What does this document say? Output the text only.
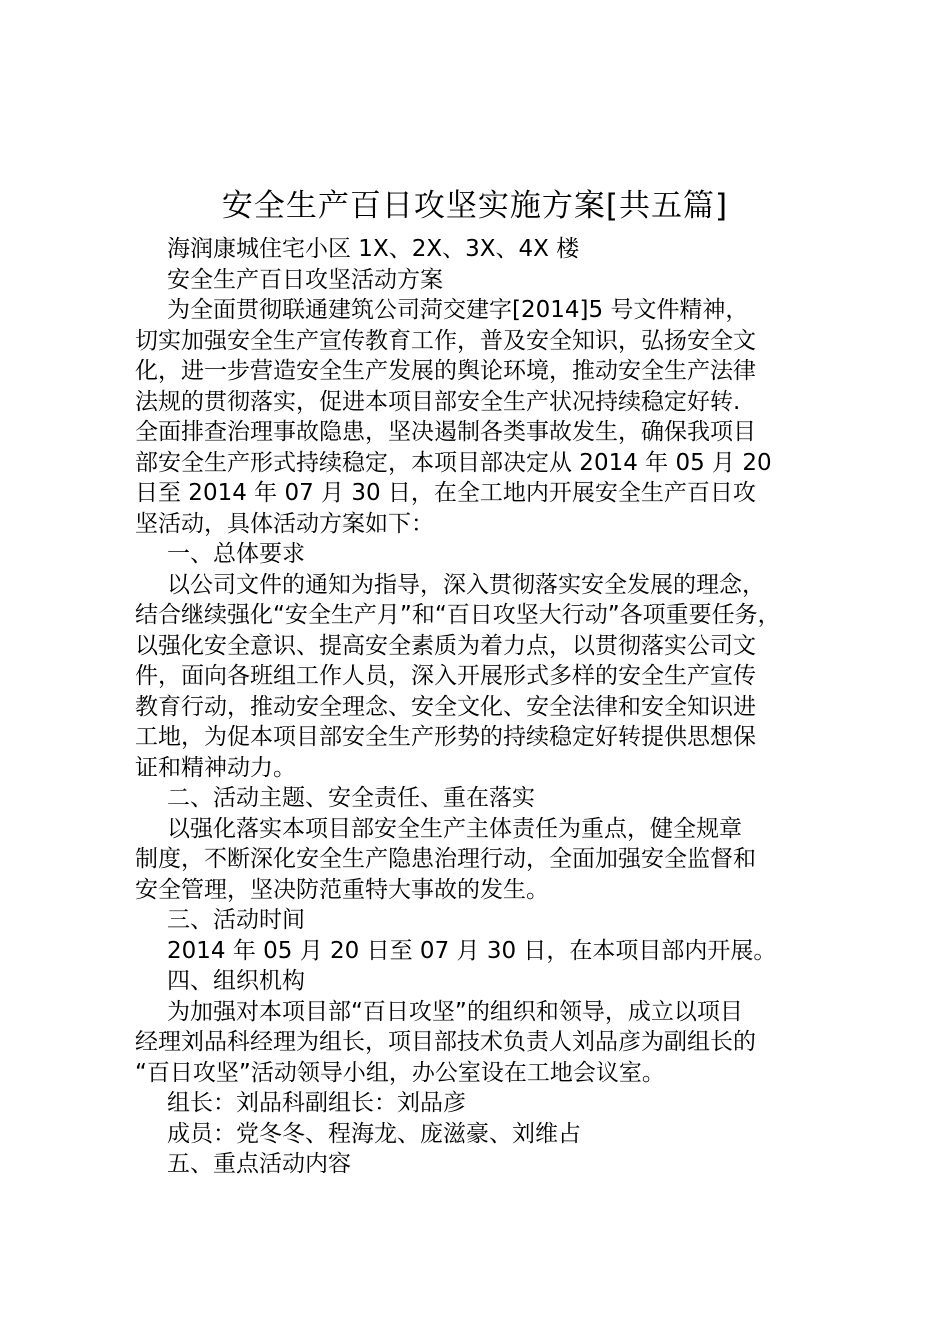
安全生产百日攻坚实施方案[共五篇]
海润康城住宅小区 1X、2X、3X、4X 楼
安全生产百日攻坚活动方案
为全面贯彻联通建筑公司菏交建字[2014]5 号文件精神，
切实加强安全生产宣传教育工作，普及安全知识，弘扬安全文
化，进一步营造安全生产发展的舆论环境，推动安全生产法律
法规的贯彻落实，促进本项目部安全生产状况持续稳定好转.
全面排查治理事故隐患，坚决遏制各类事故发生，确保我项目
部安全生产形式持续稳定，本项目部决定从 2014 年 05 月 20
日至 2014 年 07 月 30 日，在全工地内开展安全生产百日攻
坚活动，具体活动方案如下：
一、总体要求
以公司文件的通知为指导，深入贯彻落实安全发展的理念，
结合继续强化“安全生产月”和“百日攻坚大行动”各项重要任务，
以强化安全意识、提高安全素质为着力点，以贯彻落实公司文
件，面向各班组工作人员，深入开展形式多样的安全生产宣传
教育行动，推动安全理念、安全文化、安全法律和安全知识进
工地，为促本项目部安全生产形势的持续稳定好转提供思想保
证和精神动力。
二、活动主题、安全责任、重在落实
以强化落实本项目部安全生产主体责任为重点，健全规章
制度，不断深化安全生产隐患治理行动，全面加强安全监督和
安全管理，坚决防范重特大事故的发生。
三、活动时间
2014 年 05 月 20 日至 07 月 30 日，在本项目部内开展。
四、组织机构
为加强对本项目部“百日攻坚”的组织和领导，成立以项目
经理刘品科经理为组长，项目部技术负责人刘品彦为副组长的
“百日攻坚”活动领导小组，办公室设在工地会议室。
组长：刘品科副组长：刘品彦
成员：党冬冬、程海龙、庞滋豪、刘维占
五、重点活动内容
